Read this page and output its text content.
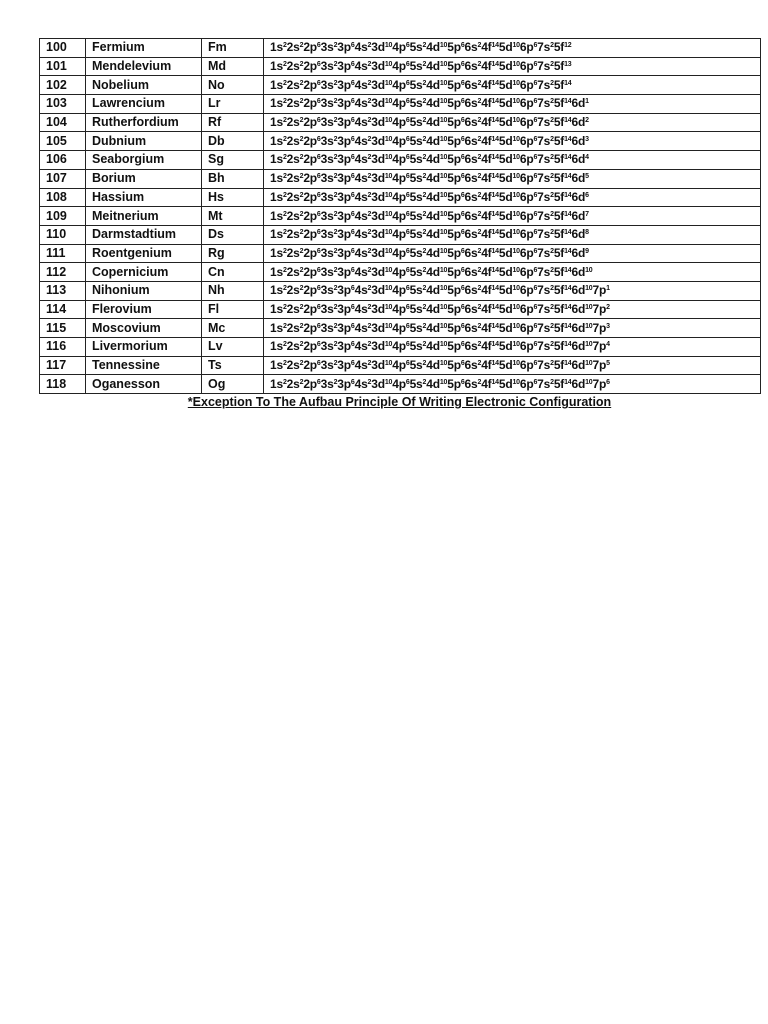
100	Fermium	Fm	$1s^22s^22p^63s^23p^64s^23d^{10}4p^65s^24d^{10}5p^66s^24f^{14}5d^{10}6p^67s^25f^{12}$
101	Mendelevium	Md	$1s^22s^22p^63s^23p^64s^23d^{10}4p^65s^24d^{10}5p^66s^24f^{14}5d^{10}6p^67s^25f^{13}$
102	Nobelium	No	$1s^22s^22p^63s^23p^64s^23d^{10}4p^65s^24d^{10}5p^66s^24f^{14}5d^{10}6p^67s^25f^{14}$
103	Lawrencium	Lr	$1s^22s^22p^63s^23p^64s^23d^{10}4p^65s^24d^{10}5p^66s^24f^{14}5d^{10}6p^67s^25f^{14}6d^1$
104	Rutherfordium	Rf	$1s^22s^22p^63s^23p^64s^23d^{10}4p^65s^24d^{10}5p^66s^24f^{14}5d^{10}6p^67s^25f^{14}6d^2$
105	Dubnium	Db	$1s^22s^22p^63s^23p^64s^23d^{10}4p^65s^24d^{10}5p^66s^24f^{14}5d^{10}6p^67s^25f^{14}6d^3$
106	Seaborgium	Sg	$1s^22s^22p^63s^23p^64s^23d^{10}4p^65s^24d^{10}5p^66s^24f^{14}5d^{10}6p^67s^25f^{14}6d^4$
107	Borium	Bh	$1s^22s^22p^63s^23p^64s^23d^{10}4p^65s^24d^{10}5p^66s^24f^{14}5d^{10}6p^67s^25f^{14}6d^5$
108	Hassium	Hs	$1s^22s^22p^63s^23p^64s^23d^{10}4p^65s^24d^{10}5p^66s^24f^{14}5d^{10}6p^67s^25f^{14}6d^6$
109	Meitnerium	Mt	$1s^22s^22p^63s^23p^64s^23d^{10}4p^65s^24d^{10}5p^66s^24f^{14}5d^{10}6p^67s^25f^{14}6d^7$
110	Darmstadtium	Ds	$1s^22s^22p^63s^23p^64s^23d^{10}4p^65s^24d^{10}5p^66s^24f^{14}5d^{10}6p^67s^25f^{14}6d^8$
111	Roentgenium	Rg	$1s^22s^22p^63s^23p^64s^23d^{10}4p^65s^24d^{10}5p^66s^24f^{14}5d^{10}6p^67s^25f^{14}6d^9$
112	Copernicium	Cn	$1s^22s^22p^63s^23p^64s^23d^{10}4p^65s^24d^{10}5p^66s^24f^{14}5d^{10}6p^67s^25f^{14}6d^{10}$
113	Nihonium	Nh	$1s^22s^22p^63s^23p^64s^23d^{10}4p^65s^24d^{10}5p^66s^24f^{14}5d^{10}6p^67s^25f^{14}6d^{10}7p^1$
114	Flerovium	Fl	$1s^22s^22p^63s^23p^64s^23d^{10}4p^65s^24d^{10}5p^66s^24f^{14}5d^{10}6p^67s^25f^{14}6d^{10}7p^2$
115	Moscovium	Mc	$1s^22s^22p^63s^23p^64s^23d^{10}4p^65s^24d^{10}5p^66s^24f^{14}5d^{10}6p^67s^25f^{14}6d^{10}7p^3$
116	Livermorium	Lv	$1s^22s^22p^63s^23p^64s^23d^{10}4p^65s^24d^{10}5p^66s^24f^{14}5d^{10}6p^67s^25f^{14}6d^{10}7p^4$
117	Tennessine	Ts	$1s^22s^22p^63s^23p^64s^23d^{10}4p^65s^24d^{10}5p^66s^24f^{14}5d^{10}6p^67s^25f^{14}6d^{10}7p^5$
118	Oganesson	Og	$1s^22s^22p^63s^23p^64s^23d^{10}4p^65s^24d^{10}5p^66s^24f^{14}5d^{10}6p^67s^25f^{14}6d^{10}7p^6$
*Exception To The Aufbau Principle Of Writing Electronic Configuration
